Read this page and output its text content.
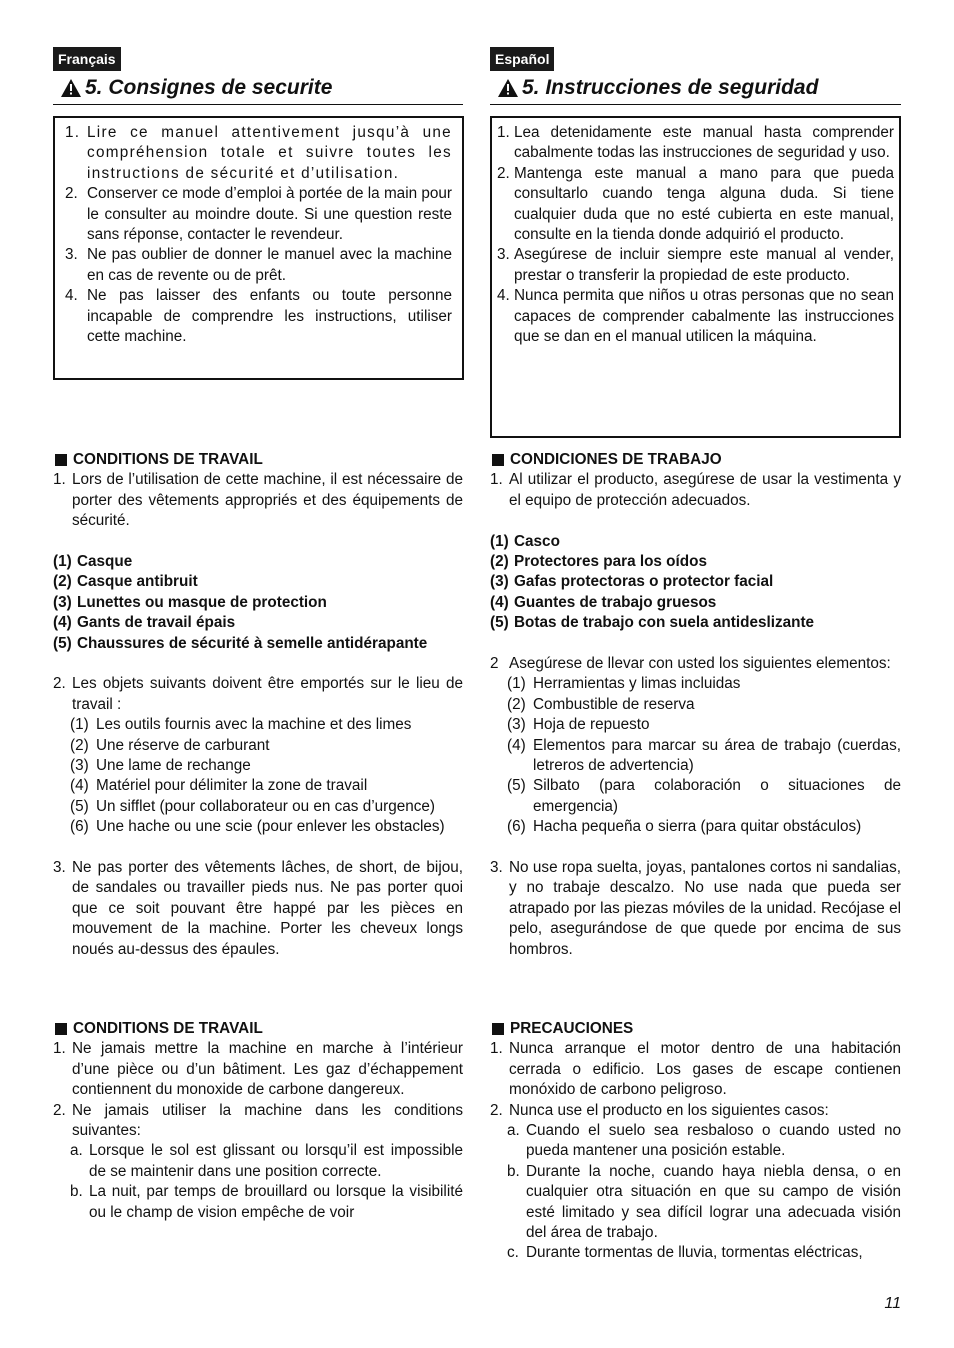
Français
5. Consignes de securite
1. Lire ce manuel attentivement jusqu’à une compréhension totale et suivre toutes les instructions de sécurité et d’utilisation.
2. Conserver ce mode d’emploi à portée de la main pour le consulter au moindre doute. Si une question reste sans réponse, contacter le revendeur.
3. Ne pas oublier de donner le manuel avec la machine en cas de revente ou de prêt.
4. Ne pas laisser des enfants ou toute personne incapable de comprendre les instructions, utiliser cette machine.
CONDITIONS DE TRAVAIL
1. Lors de l’utilisation de cette machine, il est nécessaire de porter des vêtements appropriés et des équipements de sécurité.
(1) Casque
(2) Casque antibruit
(3) Lunettes ou masque de protection
(4) Gants de travail épais
(5) Chaussures de sécurité à semelle antidérapante
2. Les objets suivants doivent être emportés sur le lieu de travail :
(1) Les outils fournis avec la machine et des limes
(2) Une réserve de carburant
(3) Une lame de rechange
(4) Matériel pour délimiter la zone de travail
(5) Un sifflet (pour collaborateur ou en cas d’urgence)
(6) Une hache ou une scie (pour enlever les obstacles)
3. Ne pas porter des vêtements lâches, de short, de bijou, de sandales ou travailler pieds nus. Ne pas porter quoi que ce soit pouvant être happé par les pièces en mouvement de la machine. Porter les cheveux longs noués au-dessus des épaules.
CONDITIONS DE TRAVAIL
1. Ne jamais mettre la machine en marche à l’intérieur d’une pièce ou d’un bâtiment. Les gaz d’échappement contiennent du monoxide de carbone dangereux.
2. Ne jamais utiliser la machine dans les conditions suivantes:
a. Lorsque le sol est glissant ou lorsqu’il est impossible de se maintenir dans une position correcte.
b. La nuit, par temps de brouillard ou lorsque la visibilité ou le champ de vision empêche de voir
Español
5. Instrucciones de seguridad
1. Lea detenidamente este manual hasta comprender cabalmente todas las instrucciones de seguridad y uso.
2. Mantenga este manual a mano para que pueda consultarlo cuando tenga alguna duda. Si tiene cualquier duda que no esté cubierta en este manual, consulte en la tienda donde adquirió el producto.
3. Asegúrese de incluir siempre este manual al vender, prestar o transferir la propiedad de este producto.
4. Nunca permita que niños u otras personas que no sean capaces de comprender cabalmente las instrucciones que se dan en el manual utilicen la máquina.
CONDICIONES DE TRABAJO
1. Al utilizar el producto, asegúrese de usar la vestimenta y el equipo de protección adecuados.
(1) Casco
(2) Protectores para los oídos
(3) Gafas protectoras o protector facial
(4) Guantes de trabajo gruesos
(5) Botas de trabajo con suela antideslizante
2 Asegúrese de llevar con usted los siguientes elementos:
(1) Herramientas y limas incluidas
(2) Combustible de reserva
(3) Hoja de repuesto
(4) Elementos para marcar su área de trabajo (cuerdas, letreros de advertencia)
(5) Silbato (para colaboración o situaciones de emergencia)
(6) Hacha pequeña o sierra (para quitar obstáculos)
3. No use ropa suelta, joyas, pantalones cortos ni sandalias, y no trabaje descalzo. No use nada que pueda ser atrapado por las piezas móviles de la unidad. Recójase el pelo, asegurándose de que quede por encima de sus hombros.
PRECAUCIONES
1. Nunca arranque el motor dentro de una habitación cerrada o edificio. Los gases de escape contienen monóxido de carbono peligroso.
2. Nunca use el producto en los siguientes casos:
a. Cuando el suelo sea resbaloso o cuando usted no pueda mantener una posición estable.
b. Durante la noche, cuando haya niebla densa, o en cualquier otra situación en que su campo de visión esté limitado y sea difícil lograr una adecuada visión del área de trabajo.
c. Durante tormentas de lluvia, tormentas eléctricas,
11
